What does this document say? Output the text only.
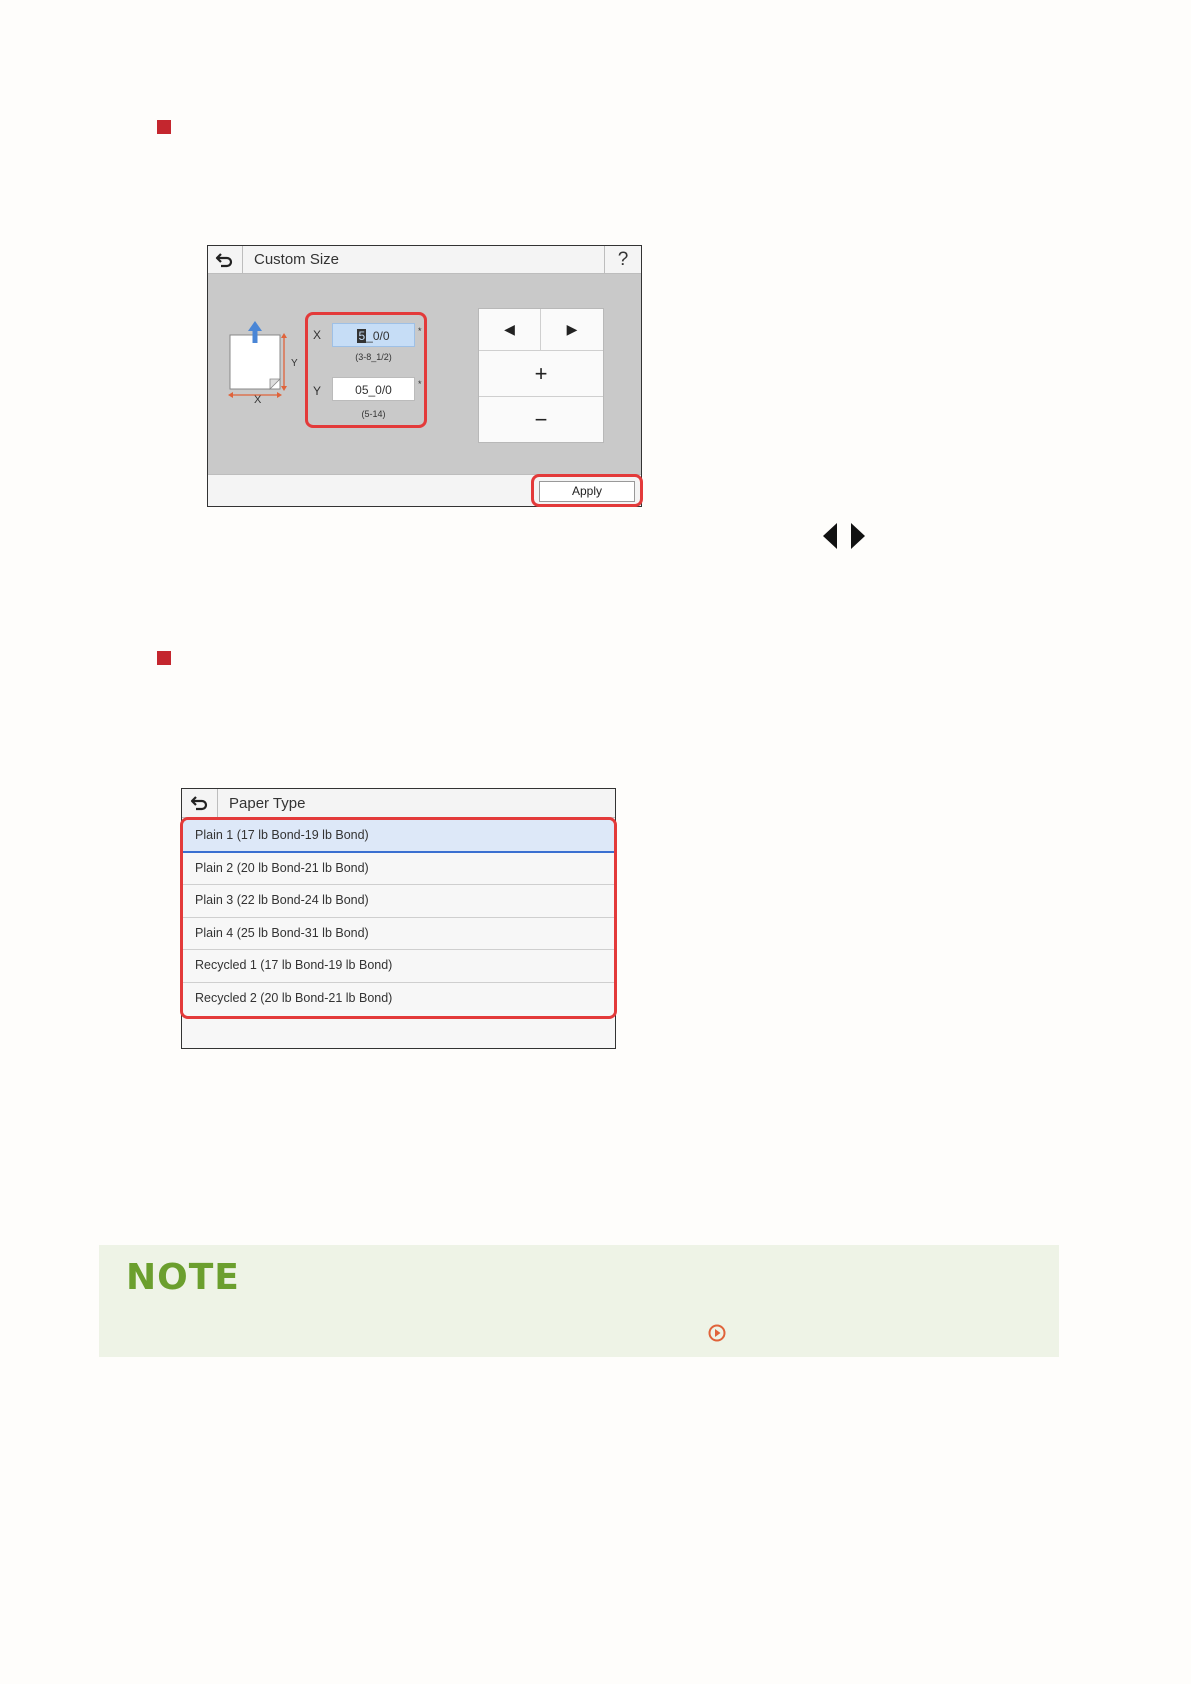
Custom Size	?
Y
X
X	5_0/0	*
(3-8_1/2)
Y	05_0/0	*
(5-14)
◀	▶
+
−
Apply
Paper Type
Plain 1 (17 lb Bond-19 lb Bond)
Plain 2 (20 lb Bond-21 lb Bond)
Plain 3 (22 lb Bond-24 lb Bond)
Plain 4 (25 lb Bond-31 lb Bond)
Recycled 1 (17 lb Bond-19 lb Bond)
Recycled 2 (20 lb Bond-21 lb Bond)
NOTE
